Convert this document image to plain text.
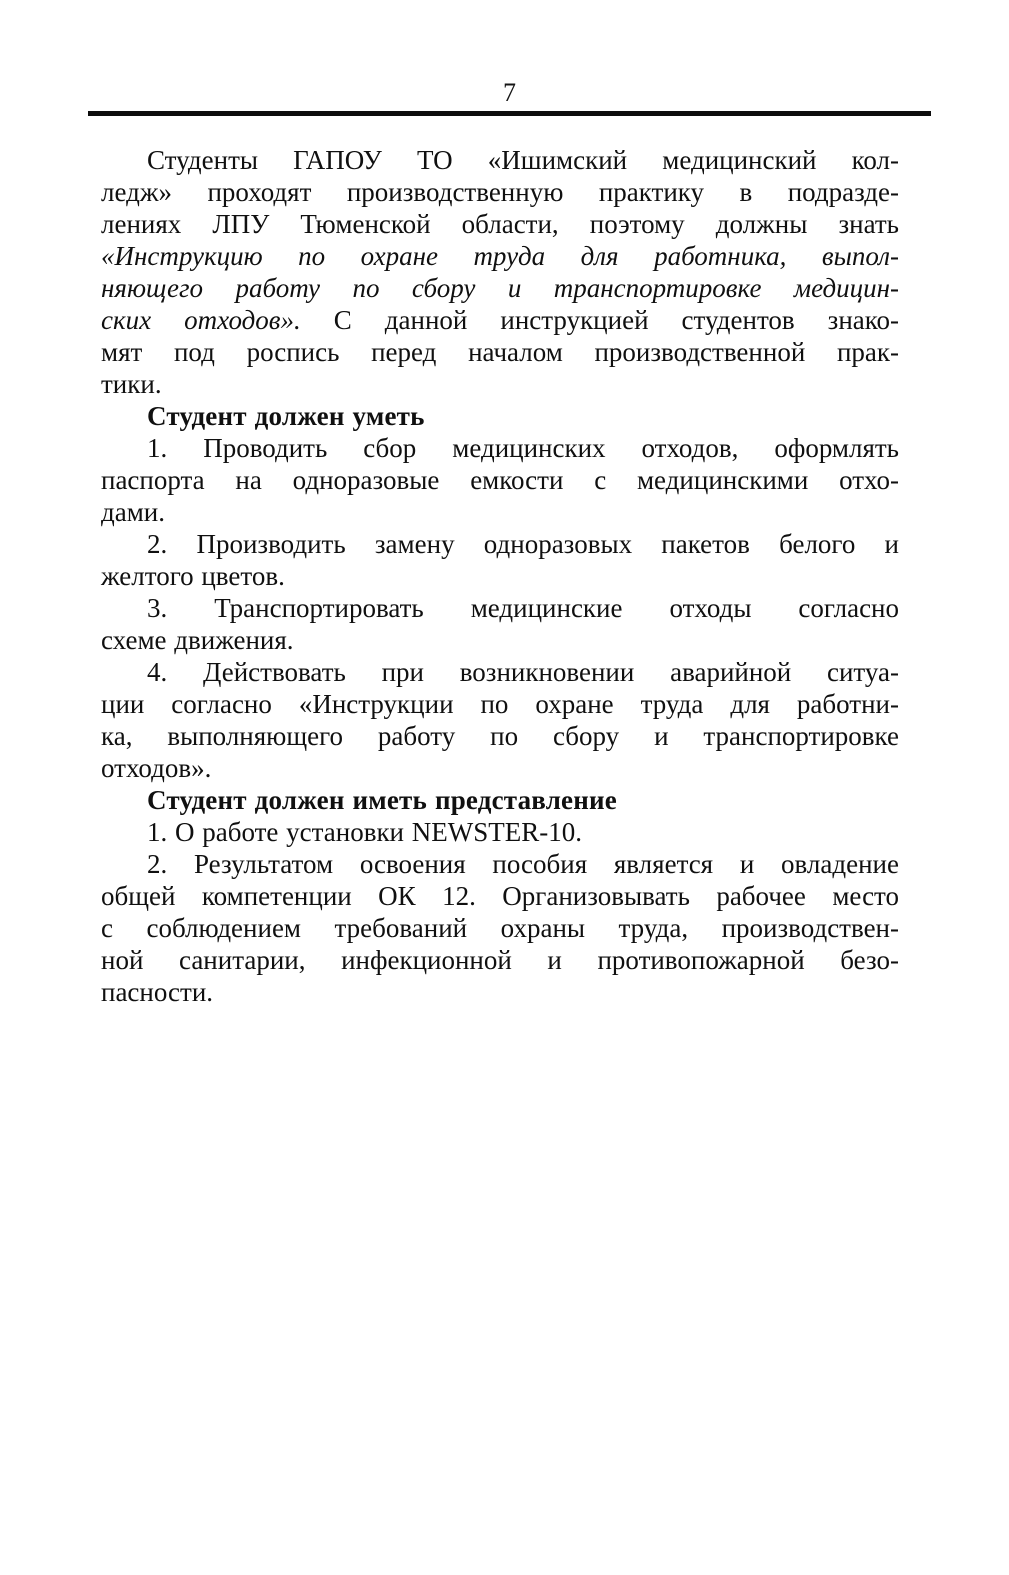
7
Студенты ГАПОУ ТО «Ишимский медицинский кол-
ледж» проходят производственную практику в подразде-
лениях ЛПУ Тюменской области, поэтому должны знать
«Инструкцию по охране труда для работника, выпол-
няющего работу по сбору и транспортировке медицин-
ских отходов». С данной инструкцией студентов знако-
мят под роспись перед началом производственной прак-
тики.
Студент должен уметь
1. Проводить сбор медицинских отходов, оформлять
паспорта на одноразовые емкости с медицинскими отхо-
дами.
2. Производить замену одноразовых пакетов белого и
желтого цветов.
3. Транспортировать медицинские отходы согласно
схеме движения.
4. Действовать при возникновении аварийной ситуа-
ции согласно «Инструкции по охране труда для работни-
ка, выполняющего работу по сбору и транспортировке
отходов».
Студент должен иметь представление
1. О работе установки NEWSTER-10.
2. Результатом освоения пособия является и овладение
общей компетенции ОК 12. Организовывать рабочее место
с соблюдением требований охраны труда, производствен-
ной санитарии, инфекционной и противопожарной безо-
пасности.
